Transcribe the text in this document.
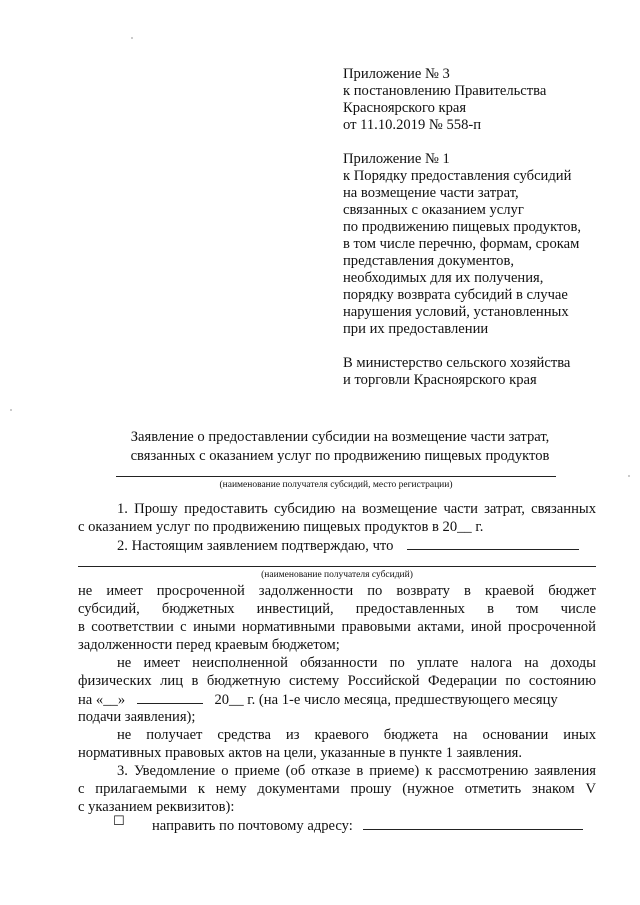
Приложение № 3
к постановлению Правительства
Красноярского края
от 11.10.2019 № 558-п
Приложение № 1
к Порядку предоставления субсидий
на возмещение части затрат,
связанных с оказанием услуг
по продвижению пищевых продуктов,
в том числе перечню, формам, срокам
представления документов,
необходимых для их получения,
порядку возврата субсидий в случае
нарушения условий, установленных
при их предоставлении
В министерство сельского хозяйства
и торговли Красноярского края
Заявление о предоставлении субсидии на возмещение части затрат,
связанных с оказанием услуг по продвижению пищевых продуктов
(наименование получателя субсидий, место регистрации)
1. Прошу предоставить субсидию на возмещение части затрат, связанных
с оказанием услуг по продвижению пищевых продуктов в 20__ г.
2. Настоящим заявлением подтверждаю, что
(наименование получателя субсидий)
не имеет просроченной задолженности по возврату в краевой бюджет
субсидий, бюджетных инвестиций, предоставленных в том числе
в соответствии с иными нормативными правовыми актами, иной просроченной
задолженности перед краевым бюджетом;
не имеет неисполненной обязанности по уплате налога на доходы
физических лиц в бюджетную систему Российской Федерации по состоянию
на «__»	20__ г. (на 1-е число месяца, предшествующего месяцу
подачи заявления);
не получает средства из краевого бюджета на основании иных
нормативных правовых актов на цели, указанные в пункте 1 заявления.
3. Уведомление о приеме (об отказе в приеме) к рассмотрению заявления
с прилагаемыми к нему документами прошу (нужное отметить знаком V
с указанием реквизитов):
☐ направить по почтовому адресу:
